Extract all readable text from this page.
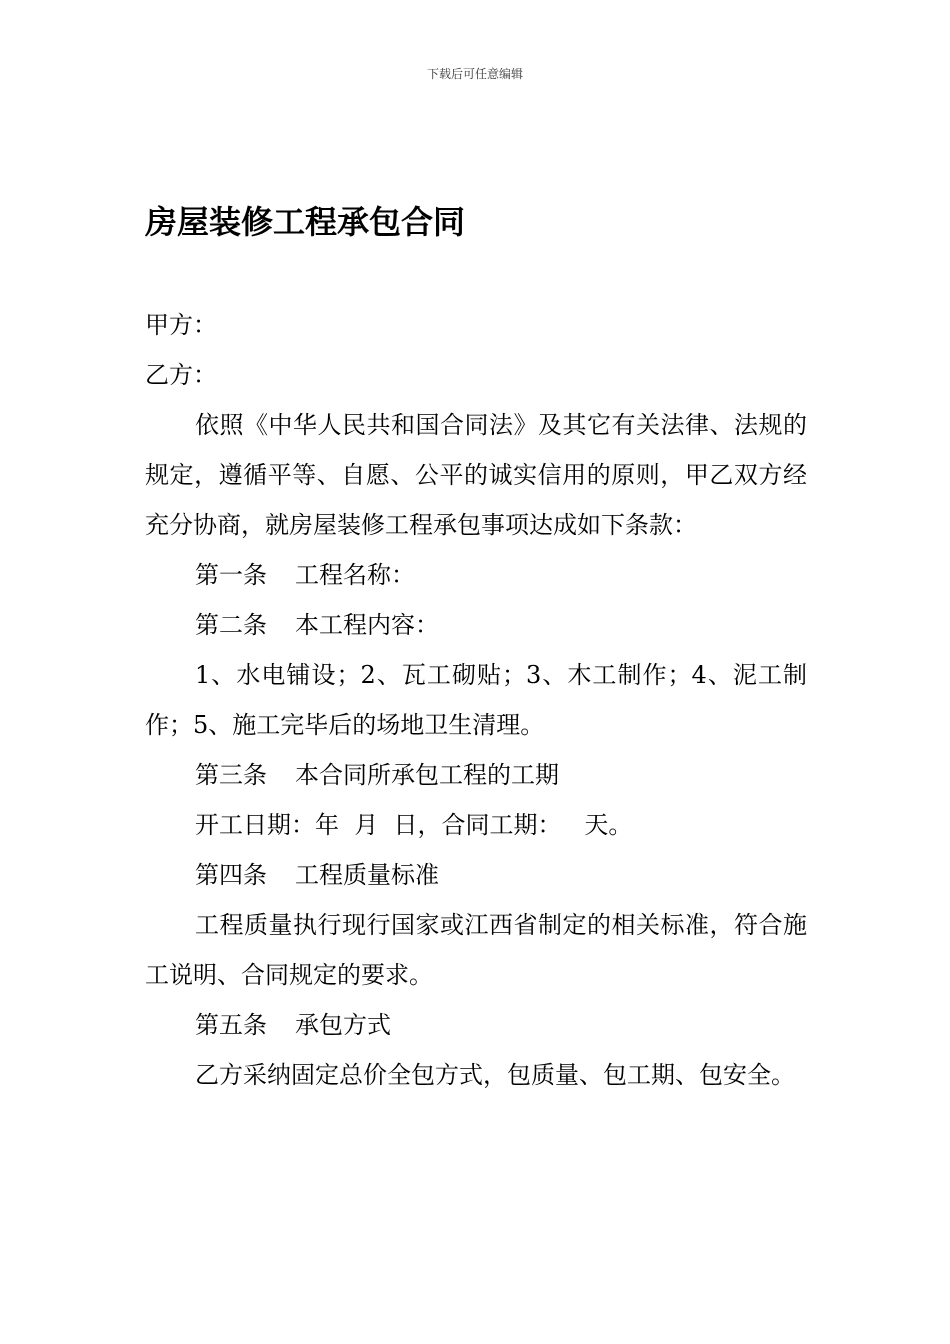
下载后可任意编辑
房屋装修工程承包合同

甲方：

乙方：

依照《中华人民共和国合同法》及其它有关法律、法规的规定，遵循平等、自愿、公平的诚实信用的原则，甲乙双方经充分协商，就房屋装修工程承包事项达成如下条款：

第一条 工程名称：

第二条 本工程内容：

1、水电铺设；2、瓦工砌贴；3、木工制作；4、泥工制作；5、施工完毕后的场地卫生清理。

第三条 本合同所承包工程的工期

开工日期：年  月  日，合同工期：   天。

第四条 工程质量标准

工程质量执行现行国家或江西省制定的相关标准，符合施工说明、合同规定的要求。

第五条 承包方式

乙方采纳固定总价全包方式，包质量、包工期、包安全。
